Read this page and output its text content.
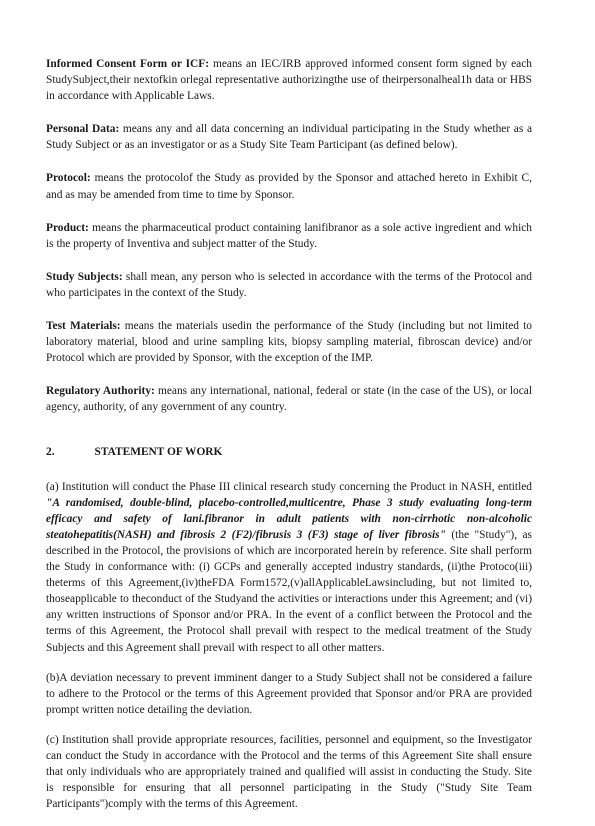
Informed Consent Form or ICF: means an IEC/IRB approved informed consent form signed by each StudySubject,their nextofkin orlegal representative authorizingthe use of theirpersonalheal1h data or HBS in accordance with Applicable Laws.

Personal Data: means any and all data concerning an individual participating in the Study whether as a Study Subject or as an investigator or as a Study Site Team Participant (as defined below).

Protocol: means the protocolof the Study as provided by the Sponsor and attached hereto in Exhibit C, and as may be amended from time to time by Sponsor.

Product: means the pharmaceutical product containing lanifibranor as a sole active ingredient and which is the property of Inventiva and subject matter of the Study.

Study Subjects: shall mean, any person who is selected in accordance with the terms of the Protocol and who participates in the context of the Study.

Test Materials: means the materials usedin the performance of the Study (including but not limited to laboratory material, blood and urine sampling kits, biopsy sampling material, fibroscan device) and/or Protocol which are provided by Sponsor, with the exception of the IMP.

Regulatory Authority: means any international, national, federal or state (in the case of the US), or local agency, authority, of any government of any country.

2.	STATEMENT OF WORK

(a) Institution will conduct the Phase III clinical research study concerning the Product in NASH, entitled "A randomised, double-blind, placebo-controlled,multicentre, Phase 3 study evaluating long-term efficacy and safety of lani.fibranor in adult patients with non-cirrhotic non-alcoholic steatohepatitis(NASH) and fibrosis 2 (F2)/fibrusis 3 (F3) stage of liver fibrosis" (the "Study"), as described in the Protocol, the provisions of which are incorporated herein by reference. Site shall perform the Study in conformance with: (i) GCPs and generally accepted industry standards, (ii)the Protoco(iii) theterms of this Agreement,(iv)theFDA Form1572,(v)allApplicableLawsincluding, but not limited to, thoseapplicable to theconduct of the Studyand the activities or interactions under this Agreement; and (vi) any written instructions of Sponsor and/or PRA. In the event of a conflict between the Protocol and the terms of this Agreement, the Protocol shall prevail with respect to the medical treatment of the Study Subjects and this Agreement shall prevail with respect to all other matters.

(b)A deviation necessary to prevent imminent danger to a Study Subject shall not be considered a failure to adhere to the Protocol or the terms of this Agreement provided that Sponsor and/or PRA are provided prompt written notice detailing the deviation.

(c) Institution shall provide appropriate resources, facilities, personnel and equipment, so the Investigator can conduct the Study in accordance with the Protocol and the terms of this Agreement Site shall ensure that only individuals who are appropriately trained and qualified will assist in conducting the Study. Site is responsible for ensuring that all personnel participating in the Study ("Study Site Team Participants")comply with the terms of this Agreement.
